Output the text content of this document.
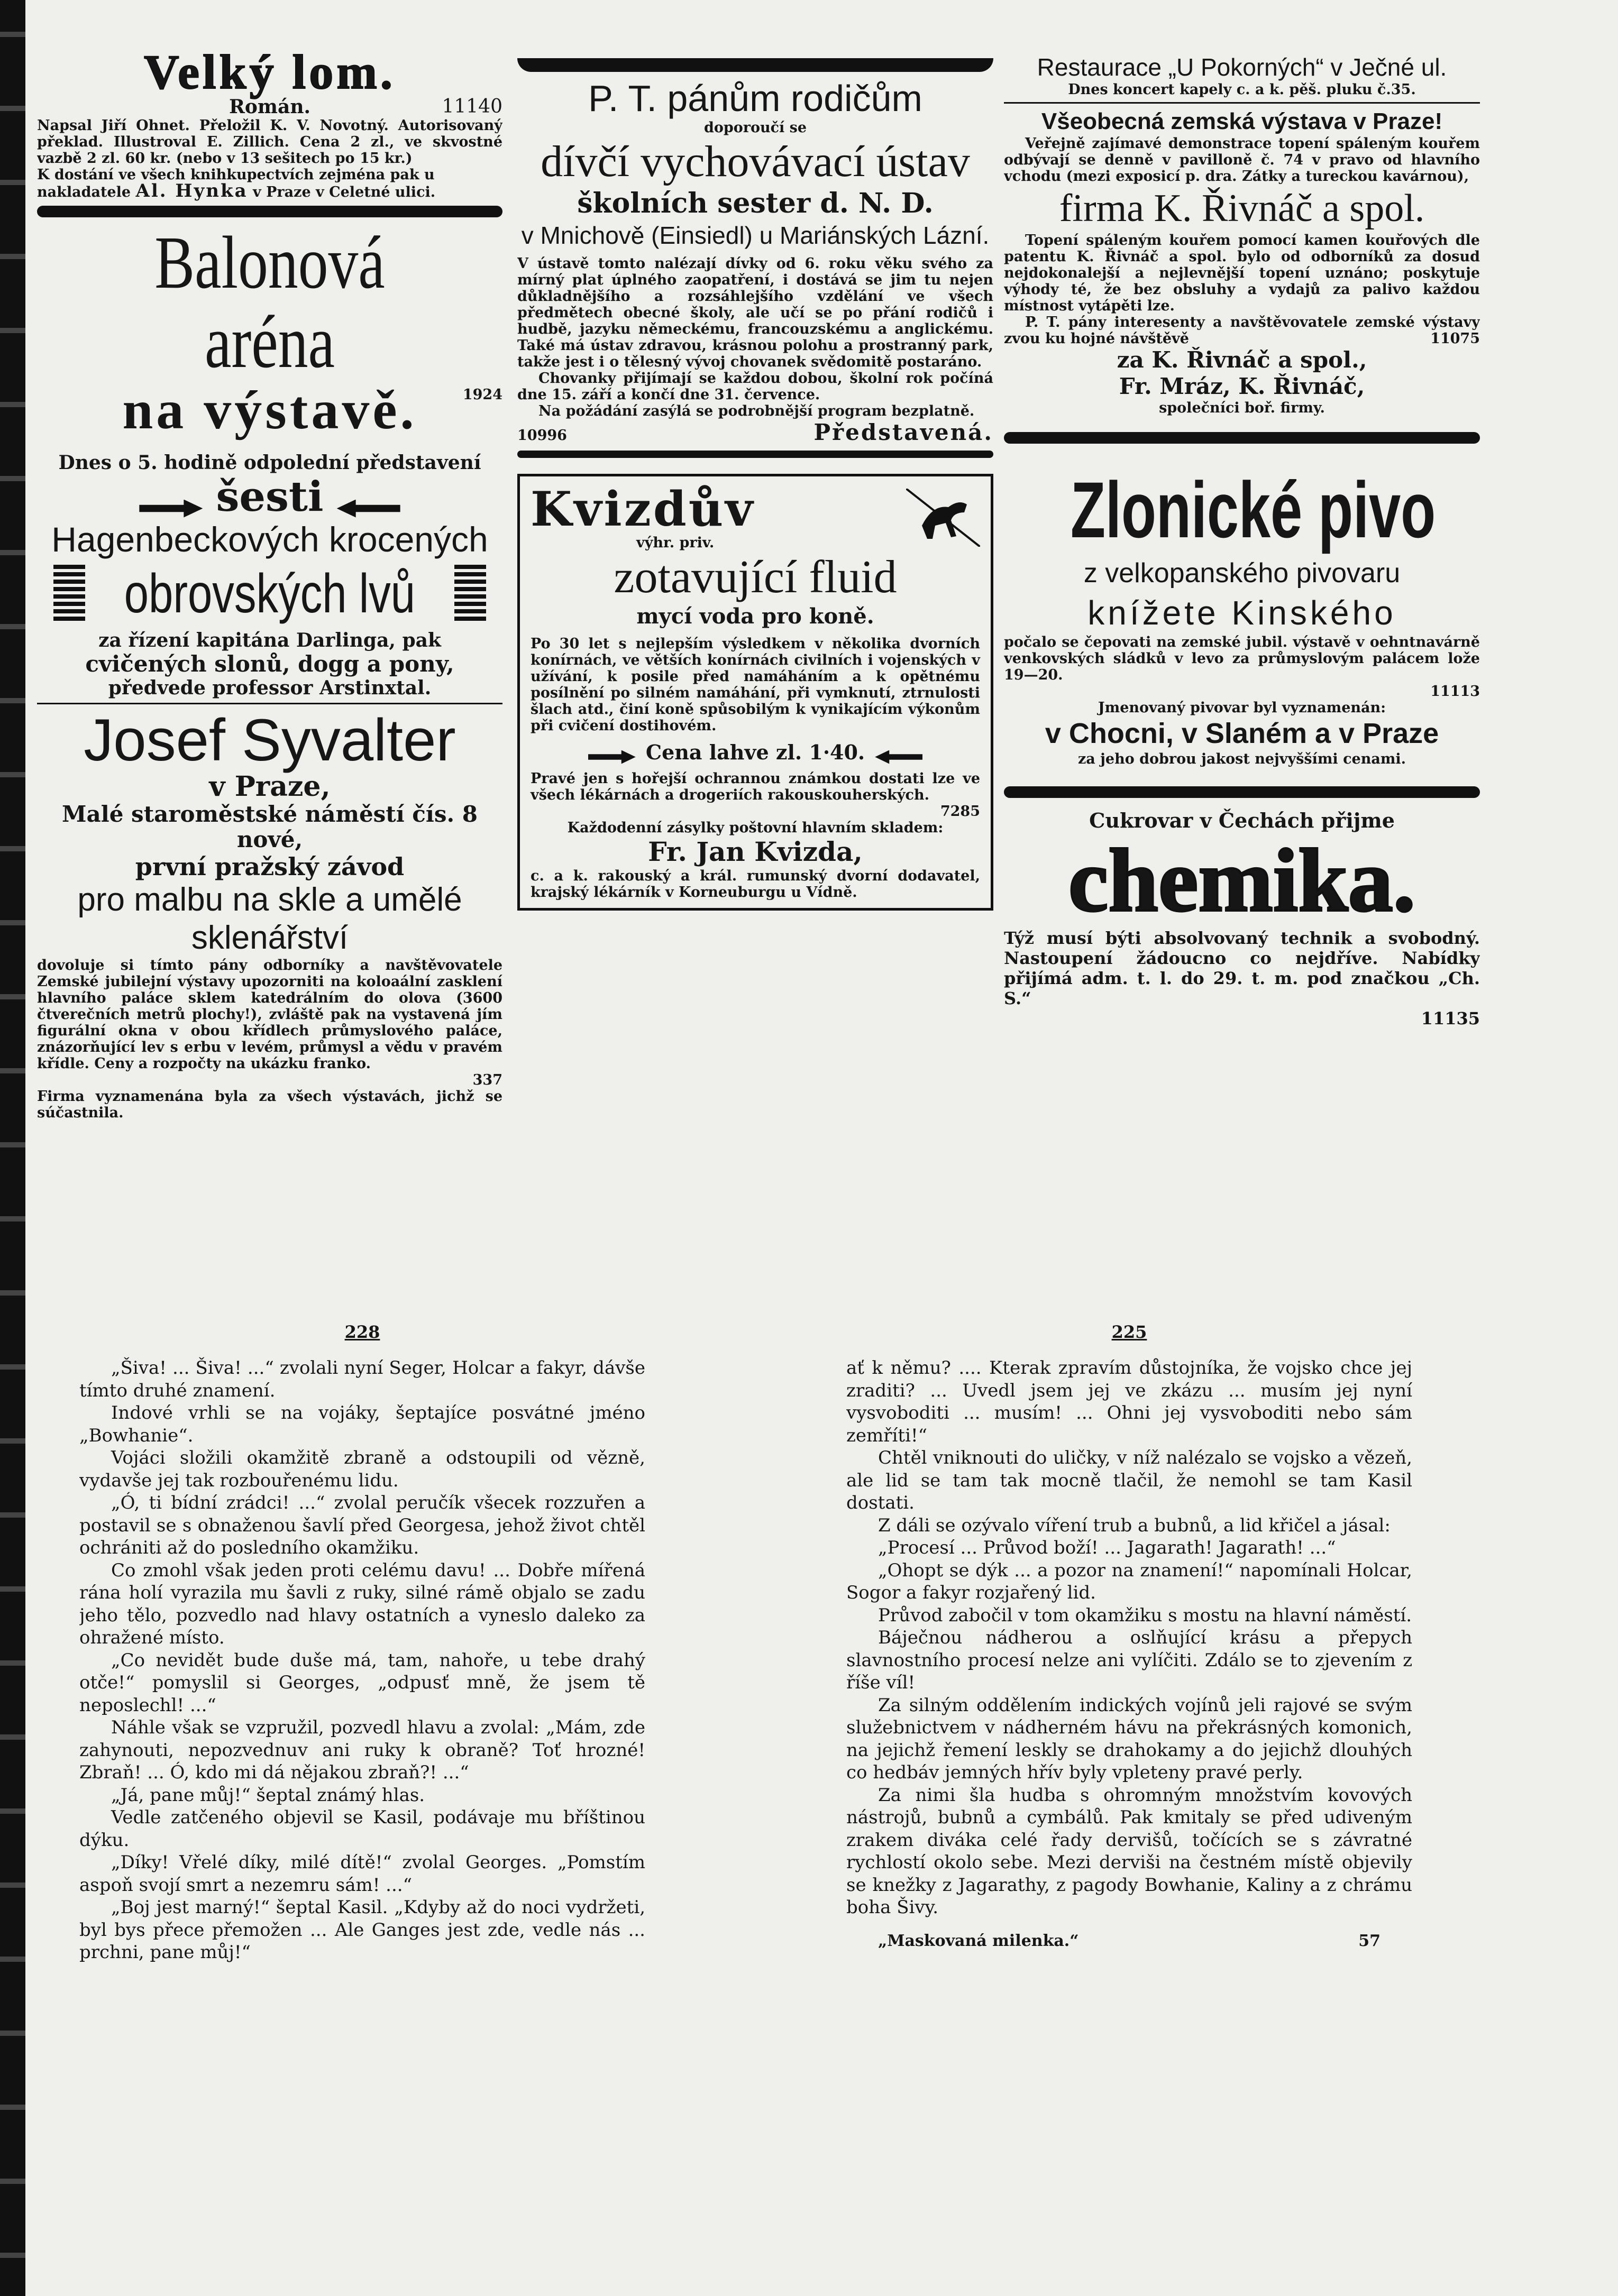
Velký lom.
Román.	11140

Napsal Jiří Ohnet. Přeložil K. V. Novotný. Autorisovaný překlad. Illustroval E. Zillich. Cena 2 zl., ve skvostné vazbě 2 zl. 60 kr. (nebo v 13 sešitech po 15 kr.)

K dostání ve všech knihkupectvích zejména pak u nakladatele Al. Hynka v Praze v Celetné ulici.

Balonová aréna
na výstavě.	1924

Dnes o 5. hodině odpolední představení

šesti

Hagenbeckových krocených

obrovských lvů

za řízení kapitána Darlinga, pak

cvičených slonů, dogg a pony,

předvede professor Arstinxtal.

Josef Syvalter
v Praze,

Malé staroměstské náměstí čís. 8 nové,

první pražský závod

pro malbu na skle a umělé sklenářství

dovoluje si tímto pány odborníky a navštěvovatele Zemské jubilejní výstavy upozorniti na koloaální zasklení hlavního paláce sklem katedrálním do olova (3600 čtverečních metrů plochy!), zvláště pak na vystavená jím figurální okna v obou křídlech průmyslového paláce, znázorňující lev s erbu v levém, průmysl a vědu v pravém křídle. Ceny a rozpočty na ukázku franko.

337

Firma vyznamenána byla za všech výstavách, jichž se súčastnila.

P. T. pánům rodičům
doporoučí se
dívčí vychovávací ústav
školních sester d. N. D.
v Mnichově (Einsiedl) u Mariánských Lázní.

V ústavě tomto nalézají dívky od 6. roku věku svého za mírný plat úplného zaopatření, i dostává se jim tu nejen důkladnějšího a rozsáhlejšího vzdělání ve všech předmětech obecné školy, ale učí se po přání rodičů i hudbě, jazyku německému, francouzskému a anglickému. Také má ústav zdravou, krásnou polohu a prostranný park, takže jest i o tělesný vývoj chovanek svědomitě postaráno.

Chovanky přijímají se každou dobou, školní rok počíná dne 15. září a končí dne 31. července.

Na požádání zasýlá se podrobnější program bezplatně.

10996	Představená.
Kvizdův
výhr. priv.
zotavující fluid
mycí voda pro koně.

Po 30 let s nejlepším výsledkem v několika dvorních konírnách, ve větších konírnách civilních i vojenských v užívání, k posile před namáháním a k opětnému posílnění po silném namáhání, při vymknutí, ztrnulosti šlach atd., činí koně spůsobilým k vynikajícím výkonům při cvičení dostihovém.

Cena lahve zl. 1·40.

Pravé jen s hořejší ochrannou známkou dostati lze ve všech lékárnách a drogeriích rakouskouherských.

7285

Každodenní zásylky poštovní hlavním skladem:

Fr. Jan Kvizda,

c. a k. rakouský a král. rumunský dvorní dodavatel, krajský lékárník v Korneuburgu u Vídně.

Restaurace „U Pokorných“ v Ječné ul.
Dnes koncert kapely c. a k. pěš. pluku č.35.
Všeobecná zemská výstava v Praze!

Veřejně zajímavé demonstrace topení spáleným kouřem odbývají se denně v pavilloně č. 74 v pravo od hlavního vchodu (mezi exposicí p. dra. Zátky a tureckou kavárnou),

firma K. Řivnáč a spol.

Topení spáleným kouřem pomocí kamen kouřových dle patentu K. Řivnáč a spol. bylo od odborníků za dosud nejdokonalejší a nejlevnější topení uznáno; poskytuje výhody té, že bez obsluhy a vydajů za palivo každou místnost vytápěti lze.

P. T. pány interesenty a navštěvovatele zemské výstavy zvou ku hojné návštěvě	11075

za K. Řivnáč a spol.,
Fr. Mráz, K. Řivnáč,
společníci boř. firmy.
Zlonické pivo
z velkopanského pivovaru
knížete Kinského

počalo se čepovati na zemské jubil. výstavě v oehntnavárně venkovských sládků v levo za průmyslovým palácem lože 19—20.

11113
Jmenovaný pivovar byl vyznamenán:
v Chocni, v Slaném a v Praze
za jeho dobrou jakost nejvyššími cenami.
Cukrovar v Čechách přijme
chemika.

Týž musí býti absolvovaný technik a svobodný. Nastoupení žádoucno co nejdříve. Nabídky přijímá adm. t. l. do 29. t. m. pod značkou „Ch. S.“

11135
228

„Šiva! ... Šiva! ...“ zvolali nyní Seger, Holcar a fakyr, dávše tímto druhé znamení.

Indové vrhli se na vojáky, šeptajíce posvátné jméno „Bowhanie“.

Vojáci složili okamžitě zbraně a odstoupili od vězně, vydavše jej tak rozbouřenému lidu.

„Ó, ti bídní zrádci! ...“ zvolal peručík všecek rozzuřen a postavil se s obnaženou šavlí před Georgesa, jehož život chtěl ochrániti až do posledního okamžiku.

Co zmohl však jeden proti celému davu! ... Dobře mířená rána holí vyrazila mu šavli z ruky, silné rámě objalo se zadu jeho tělo, pozvedlo nad hlavy ostatních a vyneslo daleko za ohražené místo.

„Co nevidět bude duše má, tam, nahoře, u tebe drahý otče!“ pomyslil si Georges, „odpusť mně, že jsem tě neposlechl! ...“

Náhle však se vzpružil, pozvedl hlavu a zvolal: „Mám, zde zahynouti, nepozvednuv ani ruky k obraně? Toť hrozné! Zbraň! ... Ó, kdo mi dá nějakou zbraň?! ...“

„Já, pane můj!“ šeptal známý hlas.

Vedle zatčeného objevil se Kasil, podávaje mu bříštinou dýku.

„Díky! Vřelé díky, milé dítě!“ zvolal Georges. „Pomstím aspoň svojí smrt a nezemru sám! ...“

„Boj jest marný!“ šeptal Kasil. „Kdyby až do noci vydržeti, byl bys přece přemožen ... Ale Ganges jest zde, vedle nás ... prchni, pane můj!“

225

ať k němu? .... Kterak zpravím důstojníka, že vojsko chce jej zraditi? ... Uvedl jsem jej ve zkázu ... musím jej nyní vysvoboditi ... musím! ... Ohni jej vysvoboditi nebo sám zemříti!“

Chtěl vniknouti do uličky, v níž nalézalo se vojsko a vězeň, ale lid se tam tak mocně tlačil, že nemohl se tam Kasil dostati.

Z dáli se ozývalo víření trub a bubnů, a lid křičel a jásal:

„Procesí ... Průvod boží! ... Jagarath! Jagarath! ...“

„Ohopt se dýk ... a pozor na znamení!“ napomínali Holcar, Sogor a fakyr rozjařený lid.

Průvod zabočil v tom okamžiku s mostu na hlavní náměstí.

Báječnou nádherou a oslňující krásu a přepych slavnostního procesí nelze ani vylíčiti. Zdálo se to zjevením z říše víl!

Za silným oddělením indických vojínů jeli rajové se svým služebnictvem v nádherném hávu na překrásných komonich, na jejichž řemení leskly se drahokamy a do jejichž dlouhých co hedbáv jemných hřív byly vpleteny pravé perly.

Za nimi šla hudba s ohromným množstvím kovových nástrojů, bubnů a cymbálů. Pak kmitaly se před udiveným zrakem diváka celé řady dervišů, točících se s závratné rychlostí okolo sebe. Mezi derviši na čestném místě objevily se knežky z Jagarathy, z pagody Bowhanie, Kaliny a z chrámu boha Šivy.

„Maskovaná milenka.“	57
